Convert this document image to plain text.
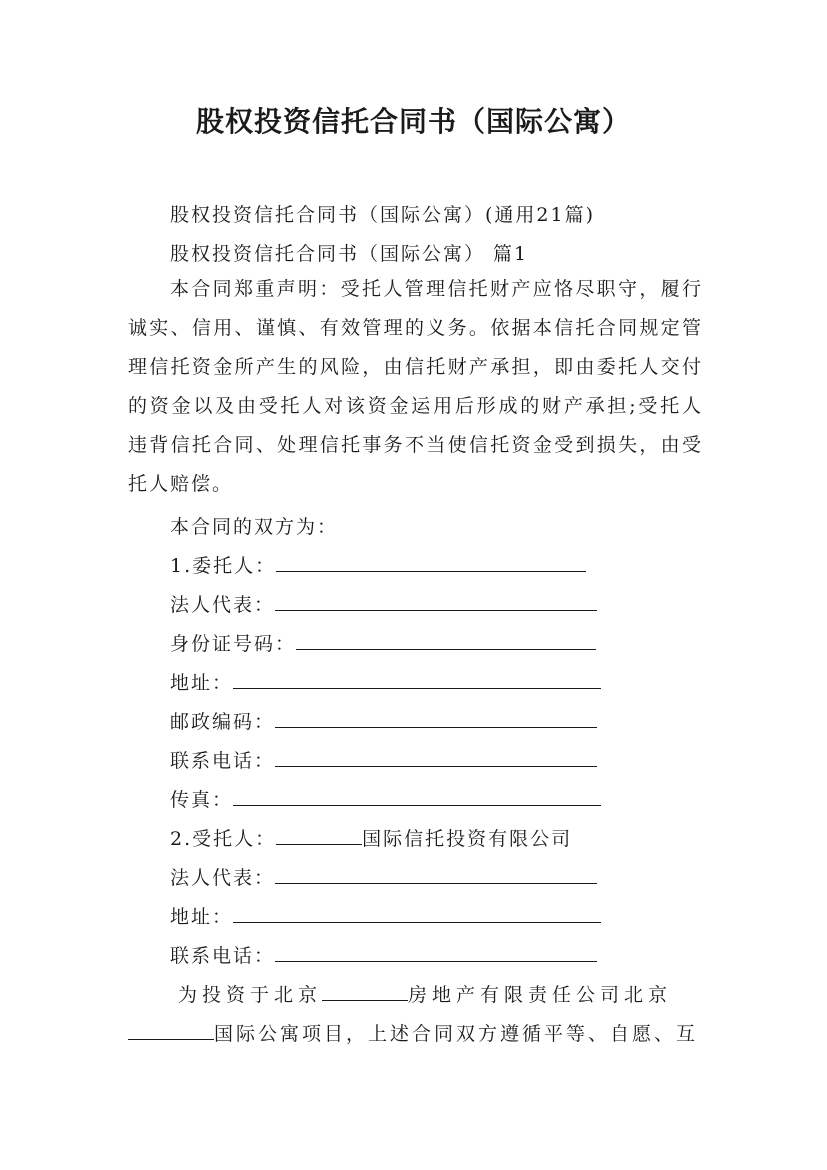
股权投资信托合同书（国际公寓）
股权投资信托合同书（国际公寓）(通用21篇)
股权投资信托合同书（国际公寓） 篇1
本合同郑重声明：受托人管理信托财产应恪尽职守，履行诚实、信用、谨慎、有效管理的义务。依据本信托合同规定管理信托资金所产生的风险，由信托财产承担，即由委托人交付的资金以及由受托人对该资金运用后形成的财产承担;受托人违背信托合同、处理信托事务不当使信托资金受到损失，由受托人赔偿。
本合同的双方为：
1.委托人：
法人代表：
身份证号码：
地址：
邮政编码：
联系电话：
传真：
2.受托人：	国际信托投资有限公司
法人代表：
地址：
联系电话：
为投资于北京	房地产有限责任公司北京
国际公寓项目，上述合同双方遵循平等、自愿、互
